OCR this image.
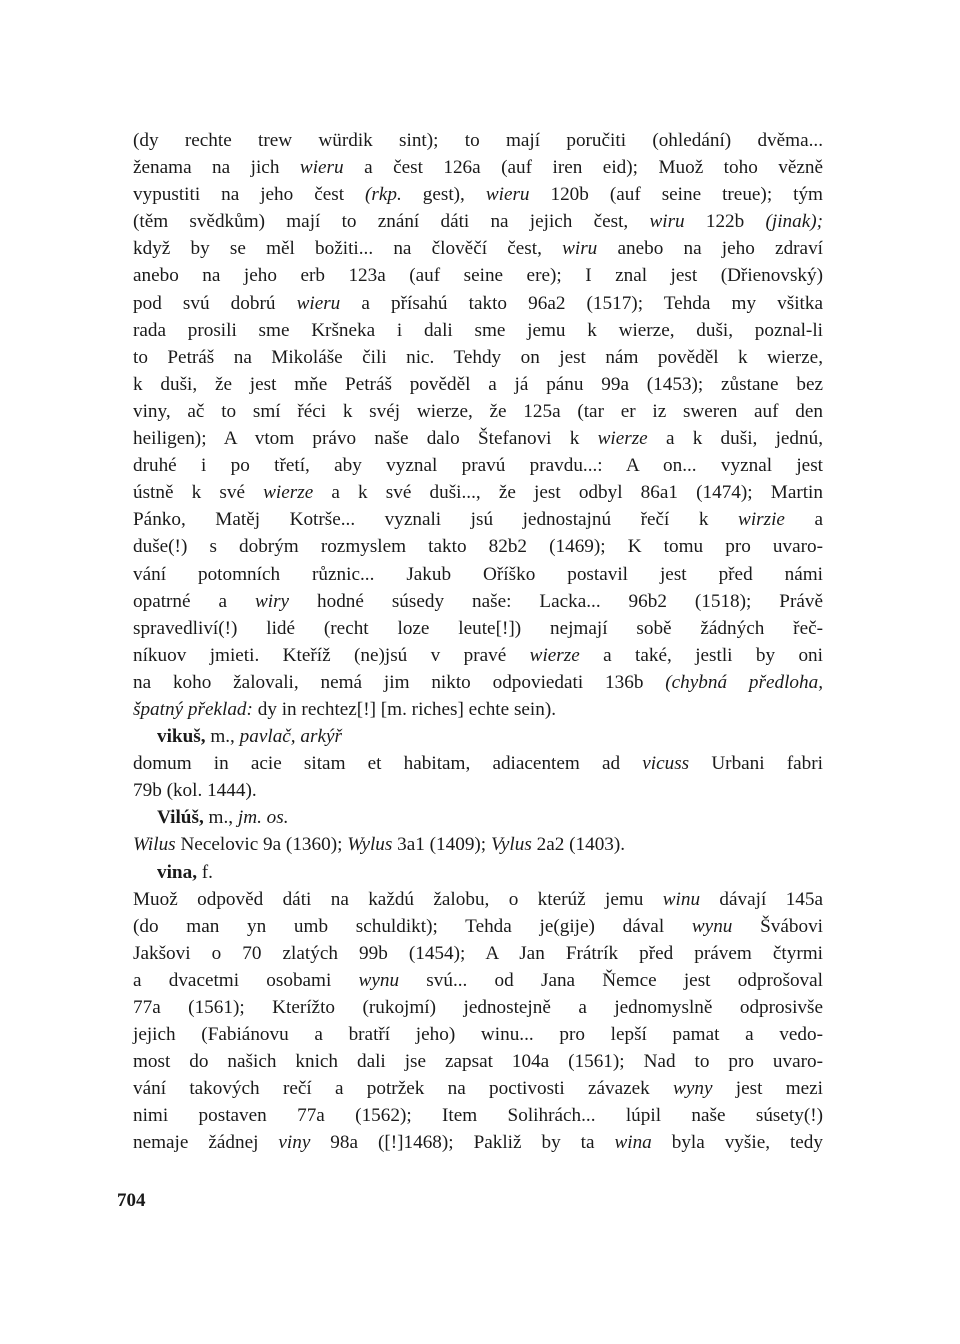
(dy rechte trew würdik sint); to mají poručiti (ohledání) dvěma...
ženama na jich wieru a čest 126a (auf iren eid); Muož toho vězně
vypustiti na jeho čest (rkp. gest), wieru 120b (auf seine treue); tým
(těm svědkům) mají to znání dáti na jejich čest, wiru 122b (jinak);
když by se měl božiti... na člověčí čest, wiru anebo na jeho zdraví
anebo na jeho erb 123a (auf seine ere); I znal jest (Dřienovský)
pod svú dobrú wieru a přísahú takto 96a2 (1517); Tehda my všitka
rada prosili sme Kršneka i dali sme jemu k wierze, duši, poznal-li
to Petráš na Mikoláše čili nic. Tehdy on jest nám pověděl k wierze,
k duši, že jest mňe Petráš pověděl a já pánu 99a (1453); zůstane bez
viny, ač to smí řéci k svéj wierze, že 125a (tar er iz sweren auf den
heiligen); A vtom právo naše dalo Štefanovi k wierze a k duši, jednú,
druhé i po třetí, aby vyznal pravú pravdu...: A on... vyznal jest
ústně k své wierze a k své duši..., že jest odbyl 86a1 (1474); Martin
Pánko, Matěj Kotrše... vyznali jsú jednostajnú řečí k wirzie a
duše(!) s dobrým rozmyslem takto 82b2 (1469); K tomu pro uvaro-
vání potomních různic... Jakub Oříško postavil jest před námi
opatrné a wiry hodné súsedy naše: Lacka... 96b2 (1518); Právě
spravedliví(!) lidé (recht loze leute[!]) nejmají sobě žádných řeč-
níkuov jmieti. Kteříž (ne)jsú v pravé wierze a také, jestli by oni
na koho žalovali, nemá jim nikto odpoviedati 136b (chybná předloha,
špatný překlad: dy in rechtez[!] [m. riches] echte sein).
vikuš, m., pavlač, arkýř
domum in acie sitam et habitam, adiacentem ad vicuss Urbani fabri
79b (kol. 1444).
Vilúš, m., jm. os.
Wilus Necelovic 9a (1360); Wylus 3a1 (1409); Vylus 2a2 (1403).
vina, f.
Muož odpověd dáti na každú žalobu, o kterúž jemu winu dávají 145a
(do man yn umb schuldikt); Tehda je(gije) dával wynu Švábovi
Jakšovi o 70 zlatých 99b (1454); A Jan Frátrík před právem čtyrmi
a dvacetmi osobami wynu svú... od Jana Ňemce jest odprošoval
77a (1561); Kterížto (rukojmí) jednostejně a jednomyslně odprosivše
jejich (Fabiánovu a bratří jeho) winu... pro lepší pamat a vedo-
most do našich knich dali jse zapsat 104a (1561); Nad to pro uvaro-
vání takových rečí a potržek na poctivosti závazek wyny jest mezi
nimi postaven 77a (1562); Item Solihrách... lúpil naše súsety(!)
nemaje žádnej viny 98a ([!]1468); Pakliž by ta wina byla vyšie, tedy
704
